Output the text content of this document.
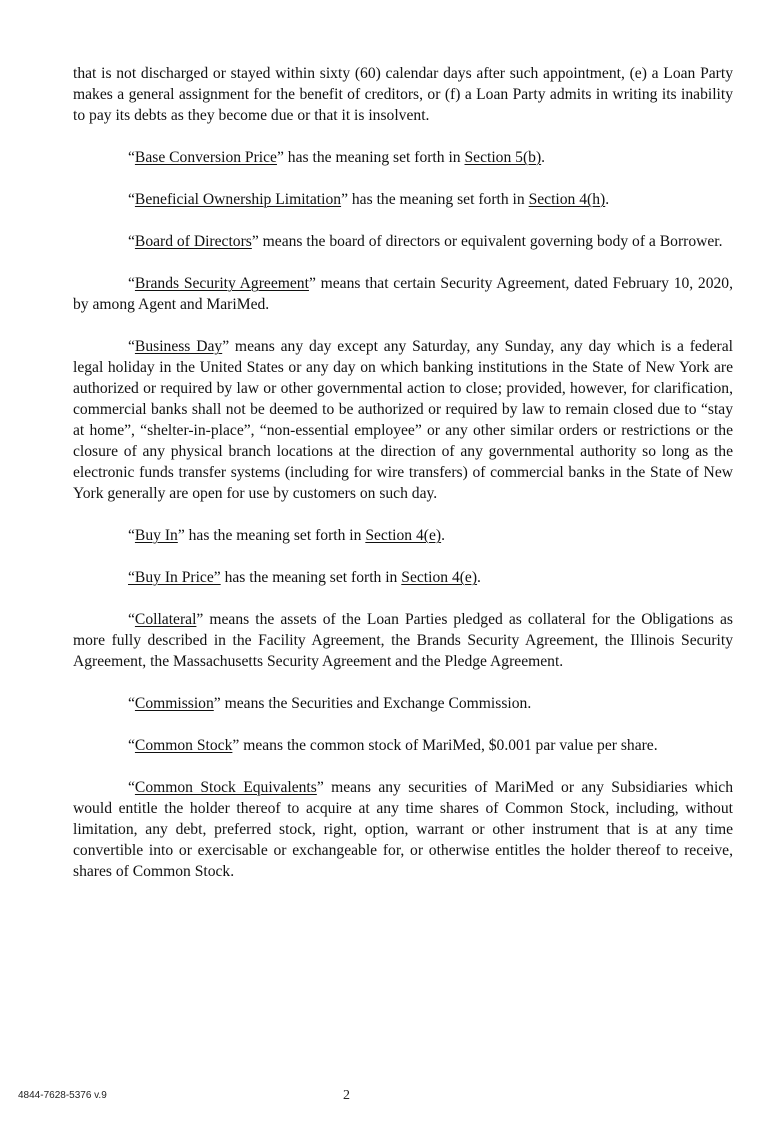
that is not discharged or stayed within sixty (60) calendar days after such appointment, (e) a Loan Party makes a general assignment for the benefit of creditors, or (f) a Loan Party admits in writing its inability to pay its debts as they become due or that it is insolvent.

“Base Conversion Price” has the meaning set forth in Section 5(b).

“Beneficial Ownership Limitation” has the meaning set forth in Section 4(h).

“Board of Directors” means the board of directors or equivalent governing body of a Borrower.

“Brands Security Agreement” means that certain Security Agreement, dated February 10, 2020, by among Agent and MariMed.

“Business Day” means any day except any Saturday, any Sunday, any day which is a federal legal holiday in the United States or any day on which banking institutions in the State of New York are authorized or required by law or other governmental action to close; provided, however, for clarification, commercial banks shall not be deemed to be authorized or required by law to remain closed due to “stay at home”, “shelter-in-place”, “non-essential employee” or any other similar orders or restrictions or the closure of any physical branch locations at the direction of any governmental authority so long as the electronic funds transfer systems (including for wire transfers) of commercial banks in the State of New York generally are open for use by customers on such day.

“Buy In” has the meaning set forth in Section 4(e).

“Buy In Price” has the meaning set forth in Section 4(e).

“Collateral” means the assets of the Loan Parties pledged as collateral for the Obligations as more fully described in the Facility Agreement, the Brands Security Agreement, the Illinois Security Agreement, the Massachusetts Security Agreement and the Pledge Agreement.

“Commission” means the Securities and Exchange Commission.

“Common Stock” means the common stock of MariMed, $0.001 par value per share.

“Common Stock Equivalents” means any securities of MariMed or any Subsidiaries which would entitle the holder thereof to acquire at any time shares of Common Stock, including, without limitation, any debt, preferred stock, right, option, warrant or other instrument that is at any time convertible into or exercisable or exchangeable for, or otherwise entitles the holder thereof to receive, shares of Common Stock.

4844-7628-5376 v.9	2
